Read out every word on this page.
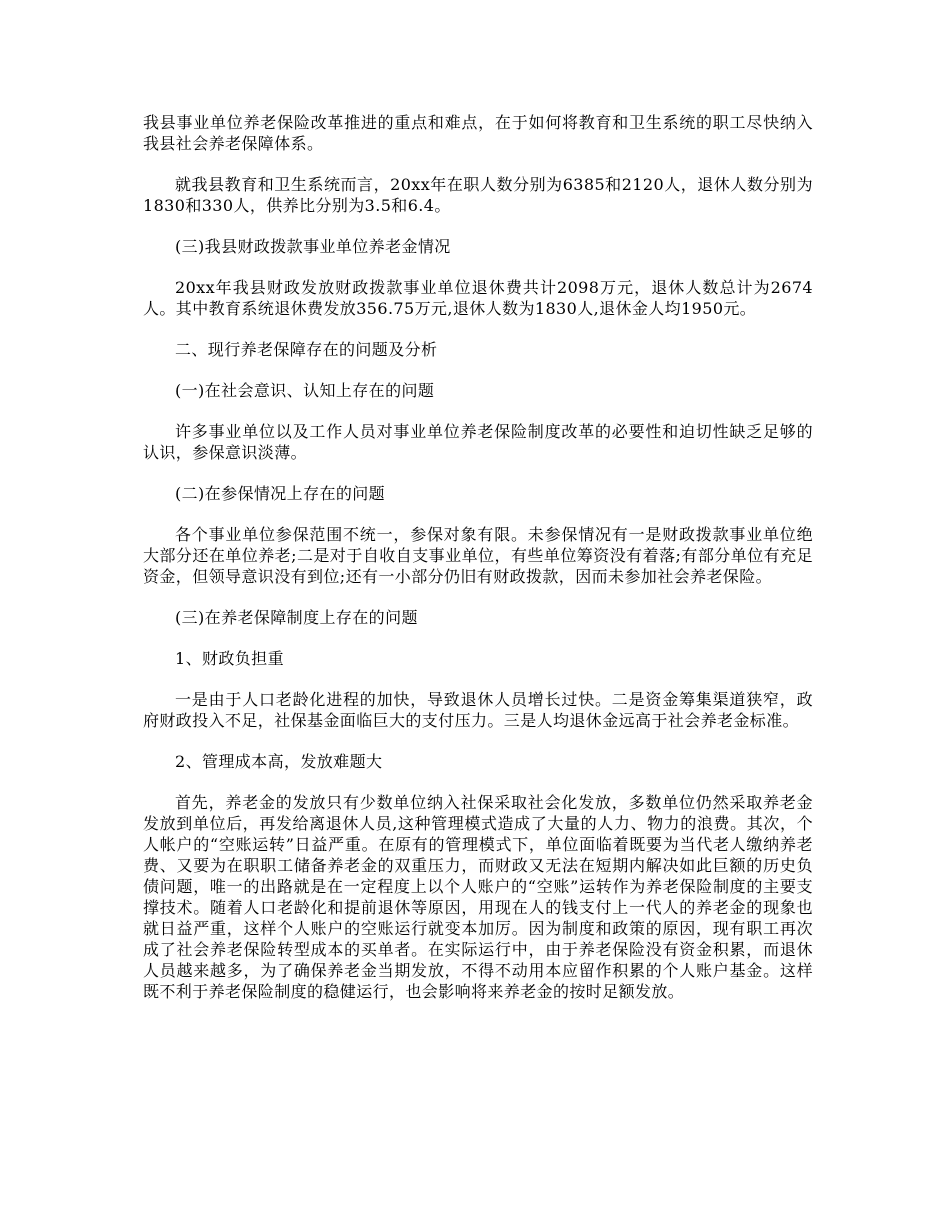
我县事业单位养老保险改革推进的重点和难点，在于如何将教育和卫生系统的职工尽快纳入我县社会养老保障体系。

就我县教育和卫生系统而言，20xx年在职人数分别为6385和2120人，退休人数分别为1830和330人，供养比分别为3.5和6.4。

(三)我县财政拨款事业单位养老金情况

20xx年我县财政发放财政拨款事业单位退休费共计2098万元，退休人数总计为2674人。其中教育系统退休费发放356.75万元,退休人数为1830人,退休金人均1950元。

二、现行养老保障存在的问题及分析

(一)在社会意识、认知上存在的问题

许多事业单位以及工作人员对事业单位养老保险制度改革的必要性和迫切性缺乏足够的认识，参保意识淡薄。

(二)在参保情况上存在的问题

各个事业单位参保范围不统一，参保对象有限。未参保情况有一是财政拨款事业单位绝大部分还在单位养老;二是对于自收自支事业单位，有些单位筹资没有着落;有部分单位有充足资金，但领导意识没有到位;还有一小部分仍旧有财政拨款，因而未参加社会养老保险。

(三)在养老保障制度上存在的问题

1、财政负担重

一是由于人口老龄化进程的加快，导致退休人员增长过快。二是资金筹集渠道狭窄，政府财政投入不足，社保基金面临巨大的支付压力。三是人均退休金远高于社会养老金标准。

2、管理成本高，发放难题大

首先，养老金的发放只有少数单位纳入社保采取社会化发放，多数单位仍然采取养老金发放到单位后，再发给离退休人员,这种管理模式造成了大量的人力、物力的浪费。其次，个人帐户的“空账运转”日益严重。在原有的管理模式下，单位面临着既要为当代老人缴纳养老费、又要为在职职工储备养老金的双重压力，而财政又无法在短期内解决如此巨额的历史负债问题，唯一的出路就是在一定程度上以个人账户的“空账”运转作为养老保险制度的主要支撑技术。随着人口老龄化和提前退休等原因，用现在人的钱支付上一代人的养老金的现象也就日益严重，这样个人账户的空账运行就变本加厉。因为制度和政策的原因，现有职工再次成了社会养老保险转型成本的买单者。在实际运行中，由于养老保险没有资金积累，而退休人员越来越多，为了确保养老金当期发放，不得不动用本应留作积累的个人账户基金。这样既不利于养老保险制度的稳健运行，也会影响将来养老金的按时足额发放。
